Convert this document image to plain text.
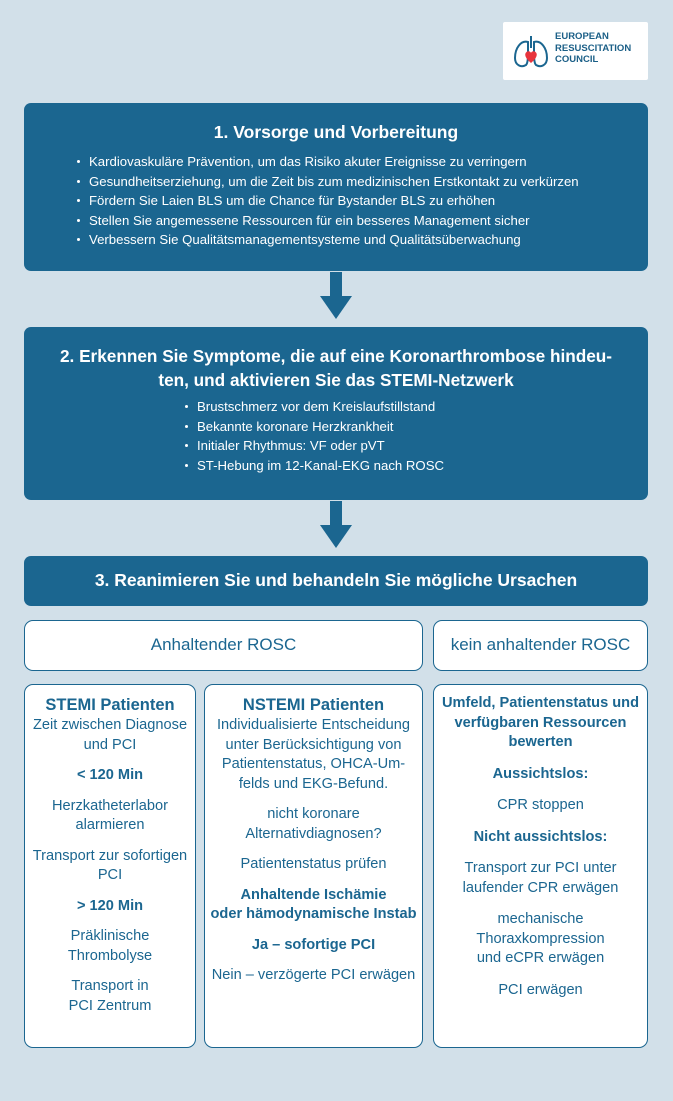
EUROPEAN
RESUSCITATION
COUNCIL
1. Vorsorge und Vorbereitung
Kardiovaskuläre Prävention, um das Risiko akuter Ereignisse zu verringern
Gesundheitserziehung, um die Zeit bis zum medizinischen Erstkontakt zu verkürzen
Fördern Sie Laien BLS um die Chance für Bystander BLS zu erhöhen
Stellen Sie angemessene Ressourcen für ein besseres Management sicher
Verbessern Sie Qualitätsmanagementsysteme und Qualitätsüberwachung
2. Erkennen Sie Symptome, die auf eine Koronarthrombose hindeu-
ten, und aktivieren Sie das STEMI-Netzwerk
Brustschmerz vor dem Kreislaufstillstand
Bekannte koronare Herzkrankheit
Initialer Rhythmus: VF oder pVT
ST-Hebung im 12-Kanal-EKG nach ROSC
3. Reanimieren Sie und behandeln Sie mögliche Ursachen
Anhaltender ROSC	kein anhaltender ROSC
STEMI Patienten
Zeit zwischen Diagnose
und PCI
< 120 Min
Herzkatheterlabor
alarmieren
Transport zur sofortigen
PCI
> 120 Min
Präklinische
Thrombolyse
Transport in
PCI Zentrum
NSTEMI Patienten
Individualisierte Entscheidung
unter Berücksichtigung von
Patientenstatus, OHCA-Um-
felds und EKG-Befund.
nicht koronare
Alternativdiagnosen?
Patientenstatus prüfen
Anhaltende Ischämie
oder hämodynamische Instab
Ja – sofortige PCI
Nein – verzögerte PCI erwägen
Umfeld, Patientenstatus und
verfügbaren Ressourcen
bewerten
Aussichtslos:
CPR stoppen
Nicht aussichtslos:
Transport zur PCI unter
laufender CPR erwägen
mechanische
Thoraxkompression
und eCPR erwägen
PCI erwägen
